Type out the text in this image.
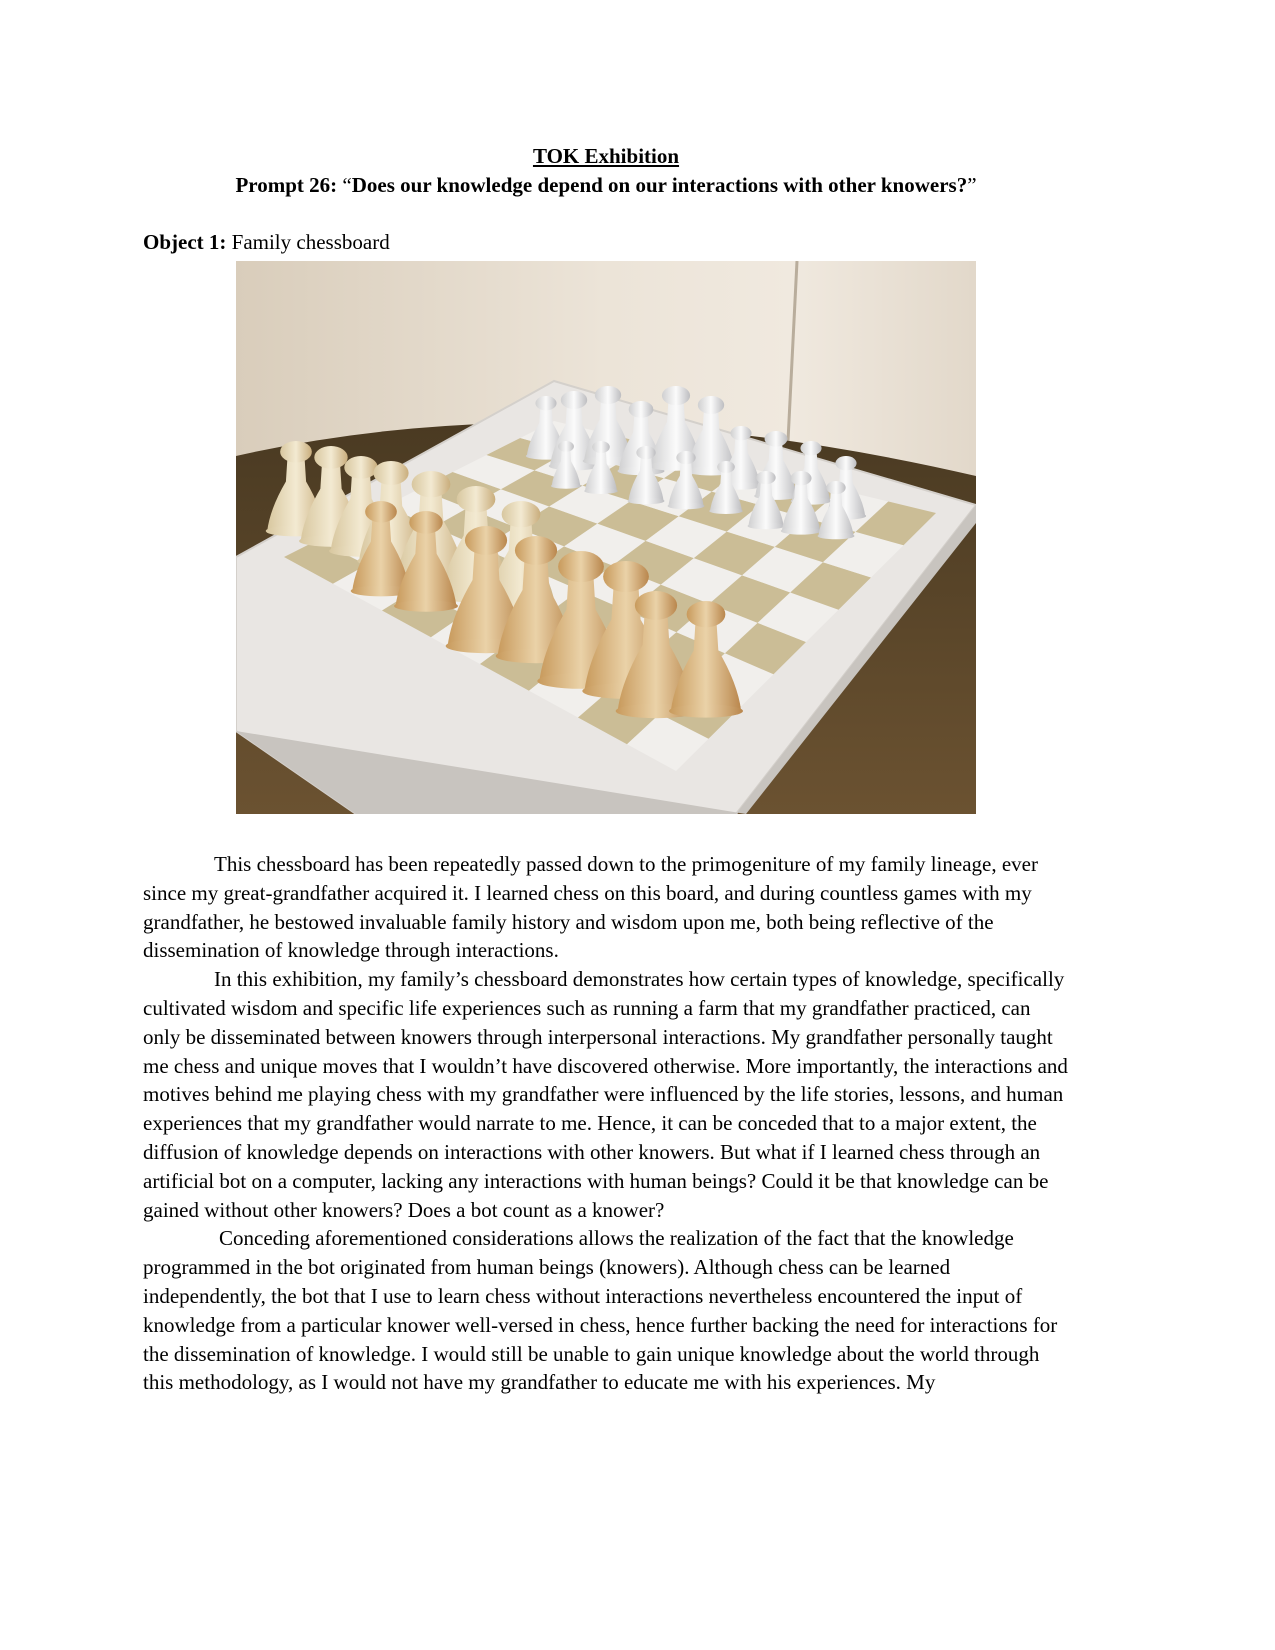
TOK Exhibition
Prompt 26: “Does our knowledge depend on our interactions with other knowers?”
Object 1: Family chessboard

This chessboard has been repeatedly passed down to the primogeniture of my family lineage, ever since my great-grandfather acquired it. I learned chess on this board, and during countless games with my grandfather, he bestowed invaluable family history and wisdom upon me, both being reflective of the dissemination of knowledge through interactions.

In this exhibition, my family’s chessboard demonstrates how certain types of knowledge, specifically cultivated wisdom and specific life experiences such as running a farm that my grandfather practiced, can only be disseminated between knowers through interpersonal interactions. My grandfather personally taught me chess and unique moves that I wouldn’t have discovered otherwise. More importantly, the interactions and motives behind me playing chess with my grandfather were influenced by the life stories, lessons, and human experiences that my grandfather would narrate to me. Hence, it can be conceded that to a major extent, the diffusion of knowledge depends on interactions with other knowers. But what if I learned chess through an artificial bot on a computer, lacking any interactions with human beings? Could it be that knowledge can be gained without other knowers? Does a bot count as a knower?

Conceding aforementioned considerations allows the realization of the fact that the knowledge programmed in the bot originated from human beings (knowers). Although chess can be learned independently, the bot that I use to learn chess without interactions nevertheless encountered the input of knowledge from a particular knower well-versed in chess, hence further backing the need for interactions for the dissemination of knowledge. I would still be unable to gain unique knowledge about the world through this methodology, as I would not have my grandfather to educate me with his experiences. My
